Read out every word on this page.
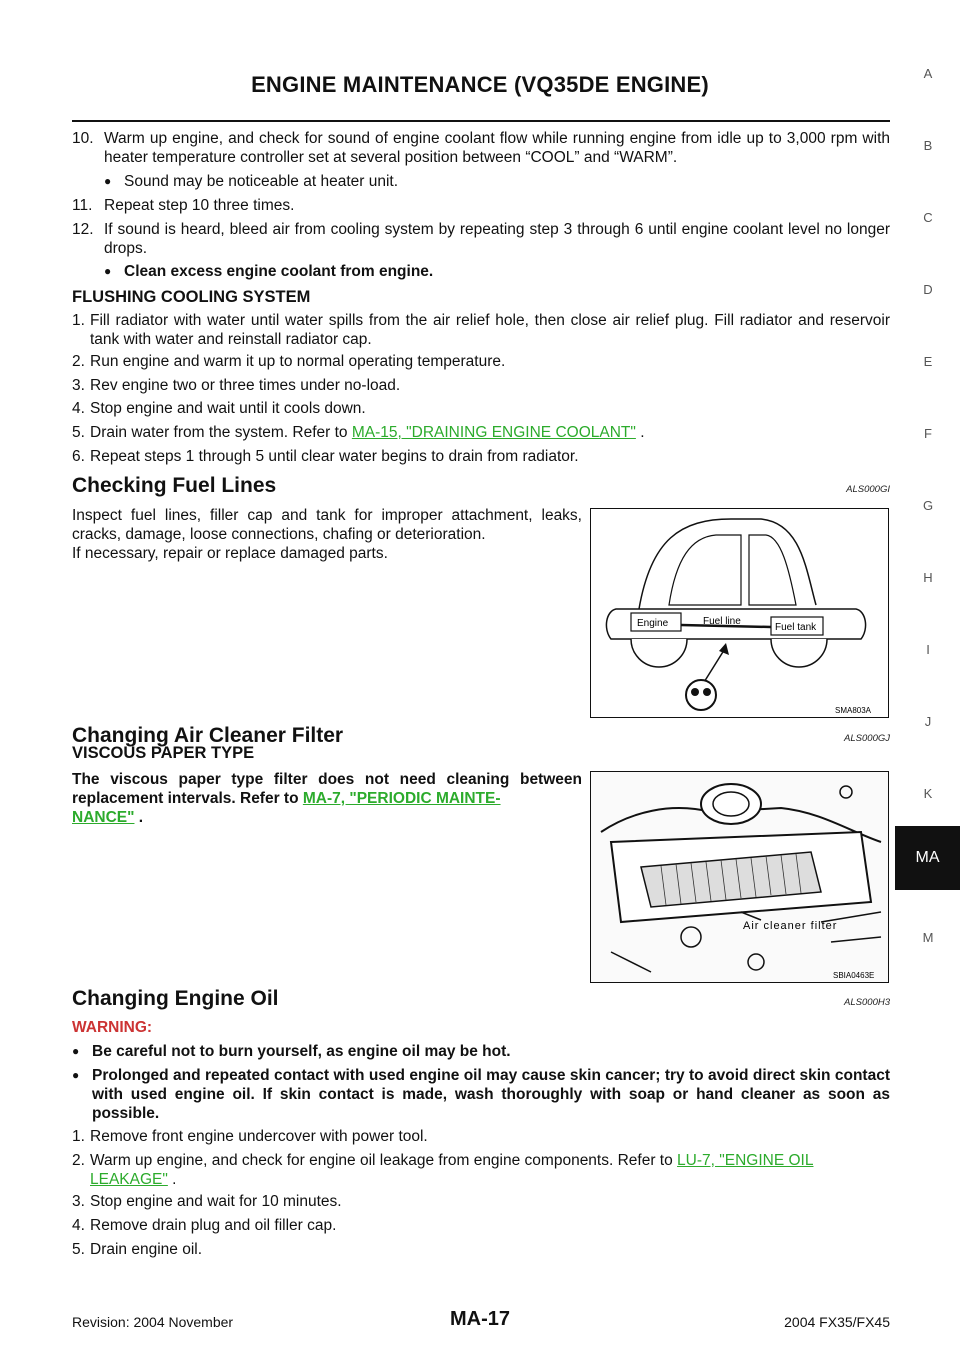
ENGINE MAINTENANCE (VQ35DE ENGINE)
10. Warm up engine, and check for sound of engine coolant flow while running engine from idle up to 3,000 rpm with heater temperature controller set at several position between “COOL” and “WARM”.
● Sound may be noticeable at heater unit.
11. Repeat step 10 three times.
12. If sound is heard, bleed air from cooling system by repeating step 3 through 6 until engine coolant level no longer drops.
● Clean excess engine coolant from engine.
FLUSHING COOLING SYSTEM
1. Fill radiator with water until water spills from the air relief hole, then close air relief plug. Fill radiator and reservoir tank with water and reinstall radiator cap.
2. Run engine and warm it up to normal operating temperature.
3. Rev engine two or three times under no-load.
4. Stop engine and wait until it cools down.
5. Drain water from the system. Refer to MA-15, "DRAINING ENGINE COOLANT" .
6. Repeat steps 1 through 5 until clear water begins to drain from radiator.
Checking Fuel Lines	ALS000GI
Inspect fuel lines, filler cap and tank for improper attachment, leaks, cracks, damage, loose connections, chafing or deterioration.
If necessary, repair or replace damaged parts.
Engine	Fuel line
Fuel tank
SMA803A
Changing Air Cleaner Filter	ALS000GJ
VISCOUS PAPER TYPE
The viscous paper type filter does not need cleaning between replacement intervals. Refer to MA-7, "PERIODIC MAINTE-
NANCE" .
Air cleaner filter
SBIA0463E
Changing Engine Oil	ALS000H3
WARNING:
● Be careful not to burn yourself, as engine oil may be hot.
● Prolonged and repeated contact with used engine oil may cause skin cancer; try to avoid direct skin contact with used engine oil. If skin contact is made, wash thoroughly with soap or hand cleaner as soon as possible.
1. Remove front engine undercover with power tool.
2. Warm up engine, and check for engine oil leakage from engine components. Refer to LU-7, "ENGINE OIL
LEAKAGE" .
3. Stop engine and wait for 10 minutes.
4. Remove drain plug and oil filler cap.
5. Drain engine oil.
A
B
C
D
E
F
G
H
I
J
K
MA
M
Revision: 2004 November	MA-17	2004 FX35/FX45
